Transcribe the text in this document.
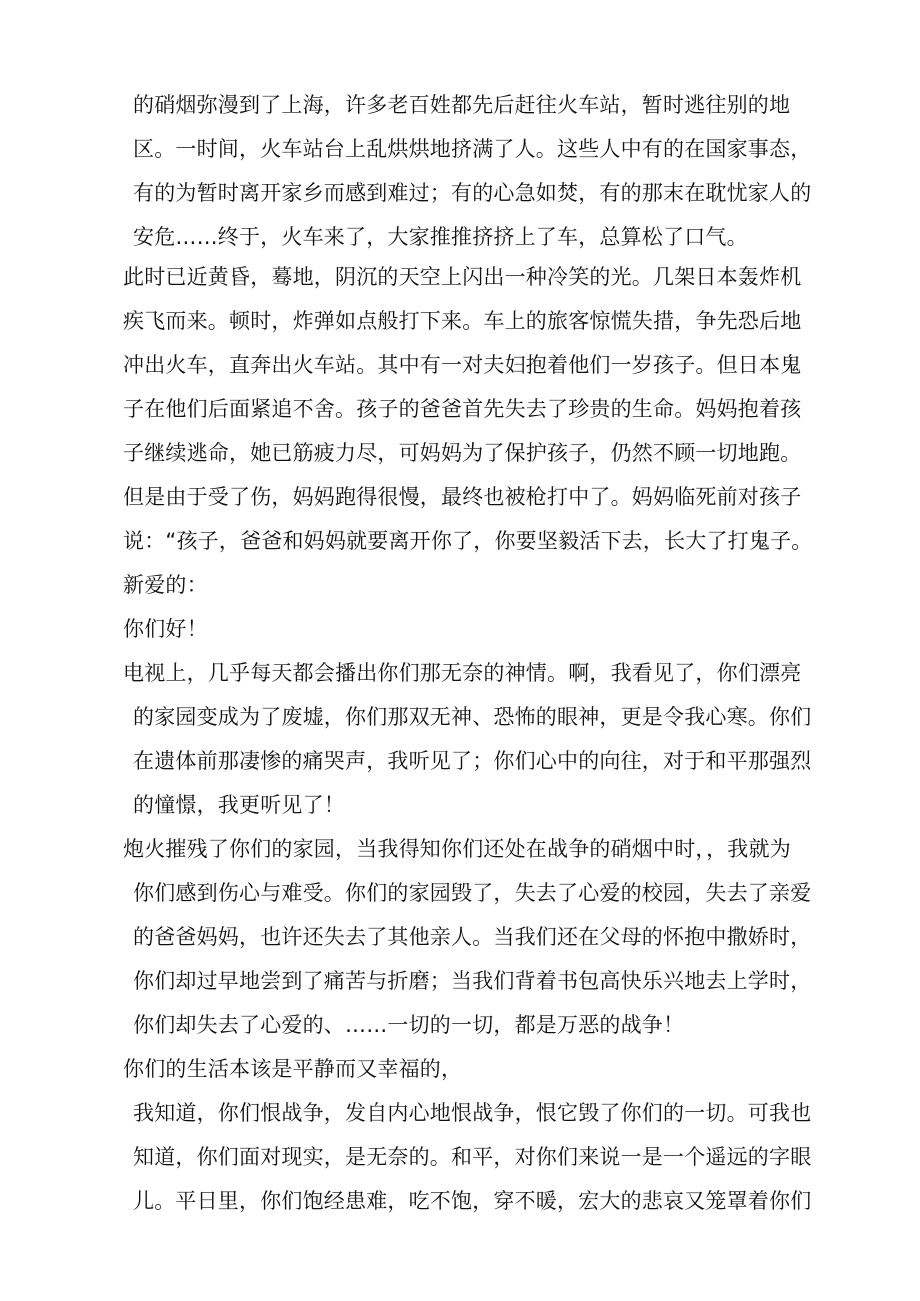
的硝烟弥漫到了上海，许多老百姓都先后赶往火车站，暂时逃往别的地

区。一时间，火车站台上乱烘烘地挤满了人。这些人中有的在国家事态，

有的为暂时离开家乡而感到难过；有的心急如焚，有的那末在耽忧家人的

安危……终于，火车来了，大家推推挤挤上了车，总算松了口气。

此时已近黄昏，蓦地，阴沉的天空上闪出一种冷笑的光。几架日本轰炸机

疾飞而来。顿时，炸弹如点般打下来。车上的旅客惊慌失措，争先恐后地

冲出火车，直奔出火车站。其中有一对夫妇抱着他们一岁孩子。但日本鬼

子在他们后面紧追不舍。孩子的爸爸首先失去了珍贵的生命。妈妈抱着孩

子继续逃命，她已筋疲力尽，可妈妈为了保护孩子，仍然不顾一切地跑。

但是由于受了伤，妈妈跑得很慢，最终也被枪打中了。妈妈临死前对孩子

说：“孩子，爸爸和妈妈就要离开你了，你要坚毅活下去，长大了打鬼子。

新爱的：

你们好！

电视上，几乎每天都会播出你们那无奈的神情。啊，我看见了，你们漂亮

的家园变成为了废墟，你们那双无神、恐怖的眼神，更是令我心寒。你们

在遗体前那凄惨的痛哭声，我听见了；你们心中的向往，对于和平那强烈

的憧憬，我更听见了！

炮火摧残了你们的家园，当我得知你们还处在战争的硝烟中时，，我就为

你们感到伤心与难受。你们的家园毁了，失去了心爱的校园，失去了亲爱

的爸爸妈妈，也许还失去了其他亲人。当我们还在父母的怀抱中撒娇时，

你们却过早地尝到了痛苦与折磨；当我们背着书包高快乐兴地去上学时，

你们却失去了心爱的、……一切的一切，都是万恶的战争！

你们的生活本该是平静而又幸福的，

我知道，你们恨战争，发自内心地恨战争，恨它毁了你们的一切。可我也

知道，你们面对现实，是无奈的。和平，对你们来说一是一个遥远的字眼

儿。平日里，你们饱经患难，吃不饱，穿不暖，宏大的悲哀又笼罩着你们
